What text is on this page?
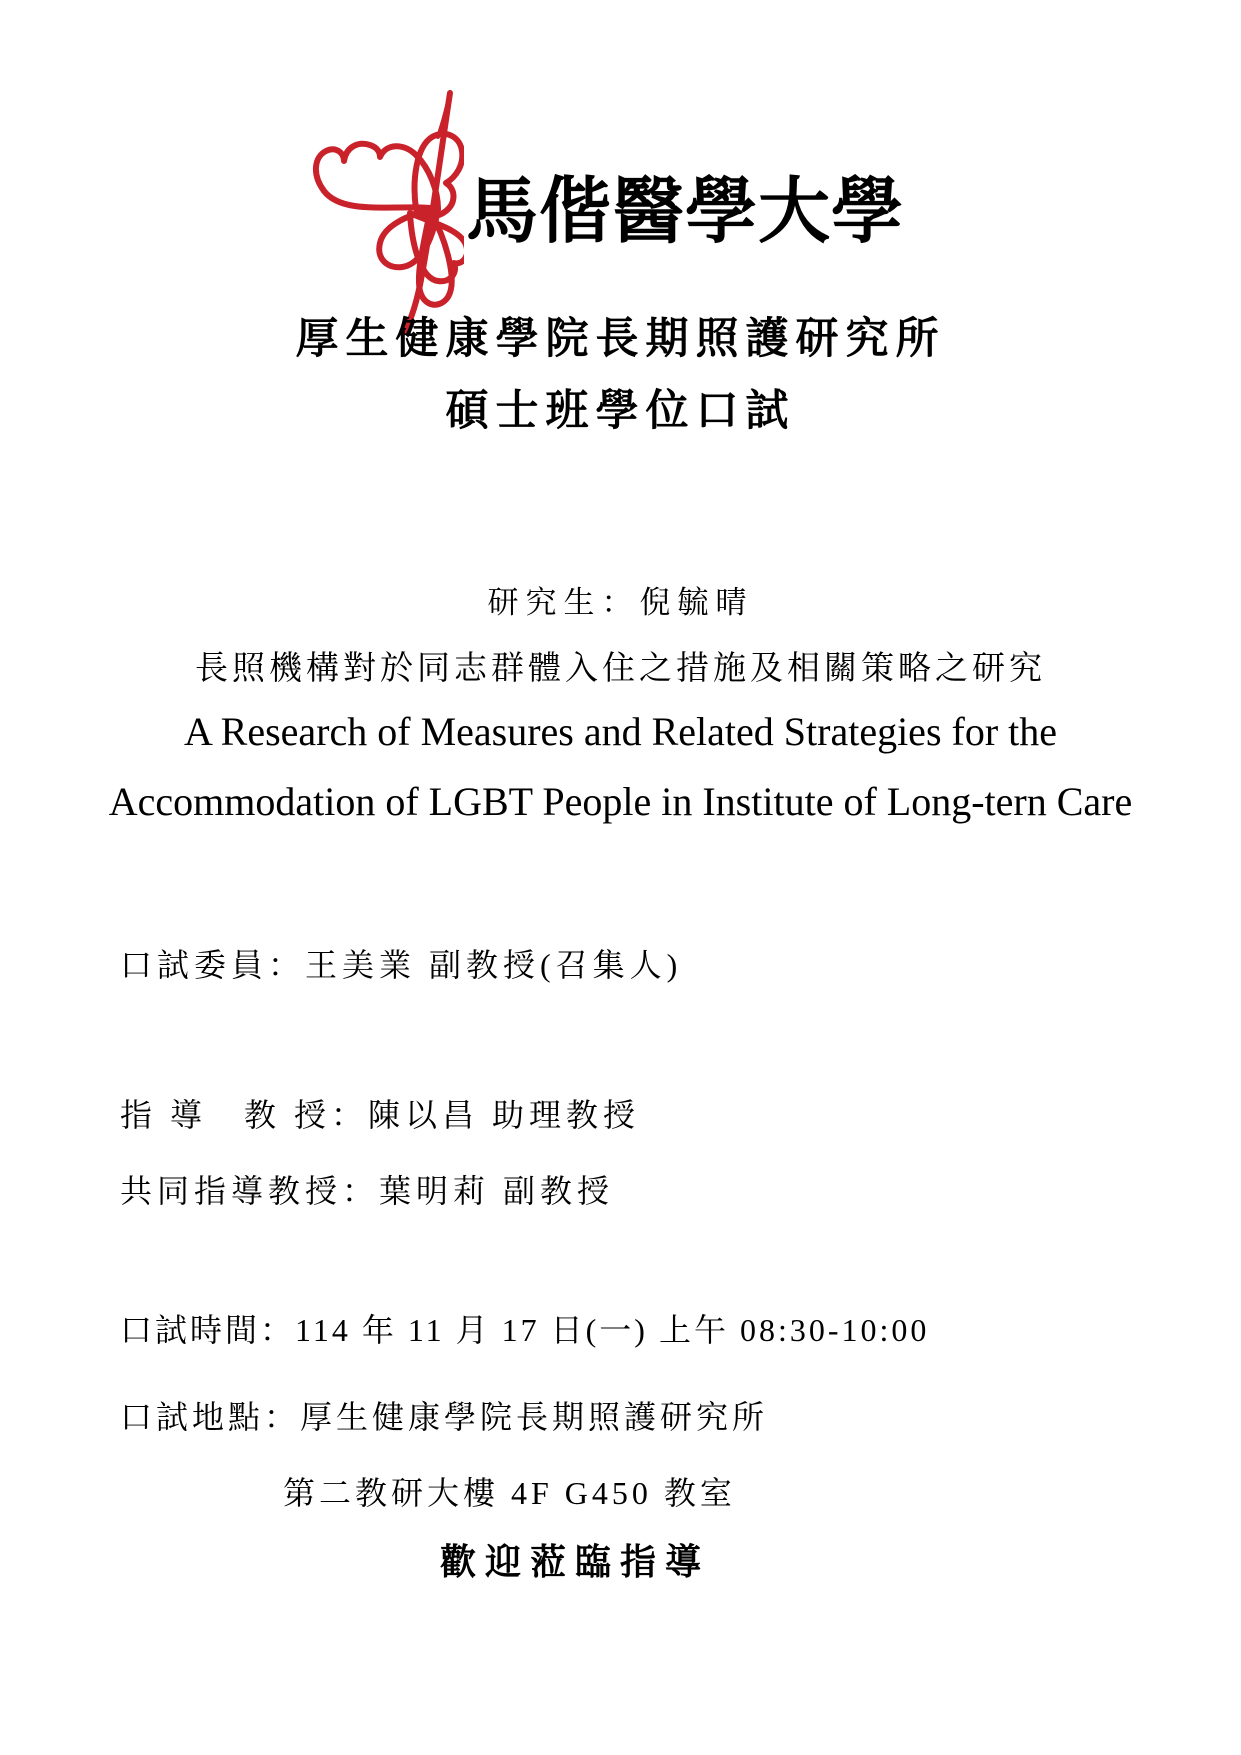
馬偕醫學大學
厚生健康學院長期照護研究所
碩士班學位口試
研究生：倪毓晴
長照機構對於同志群體入住之措施及相關策略之研究
A Research of Measures and Related Strategies for the
Accommodation of LGBT People in Institute of Long-tern Care
口試委員：王美業 副教授(召集人)
指 導　教 授：陳以昌 助理教授
共同指導教授：葉明莉 副教授
口試時間：114 年 11 月 17 日(一) 上午 08:30-10:00
口試地點：厚生健康學院長期照護研究所
第二教研大樓 4F G450 教室
歡迎蒞臨指導
